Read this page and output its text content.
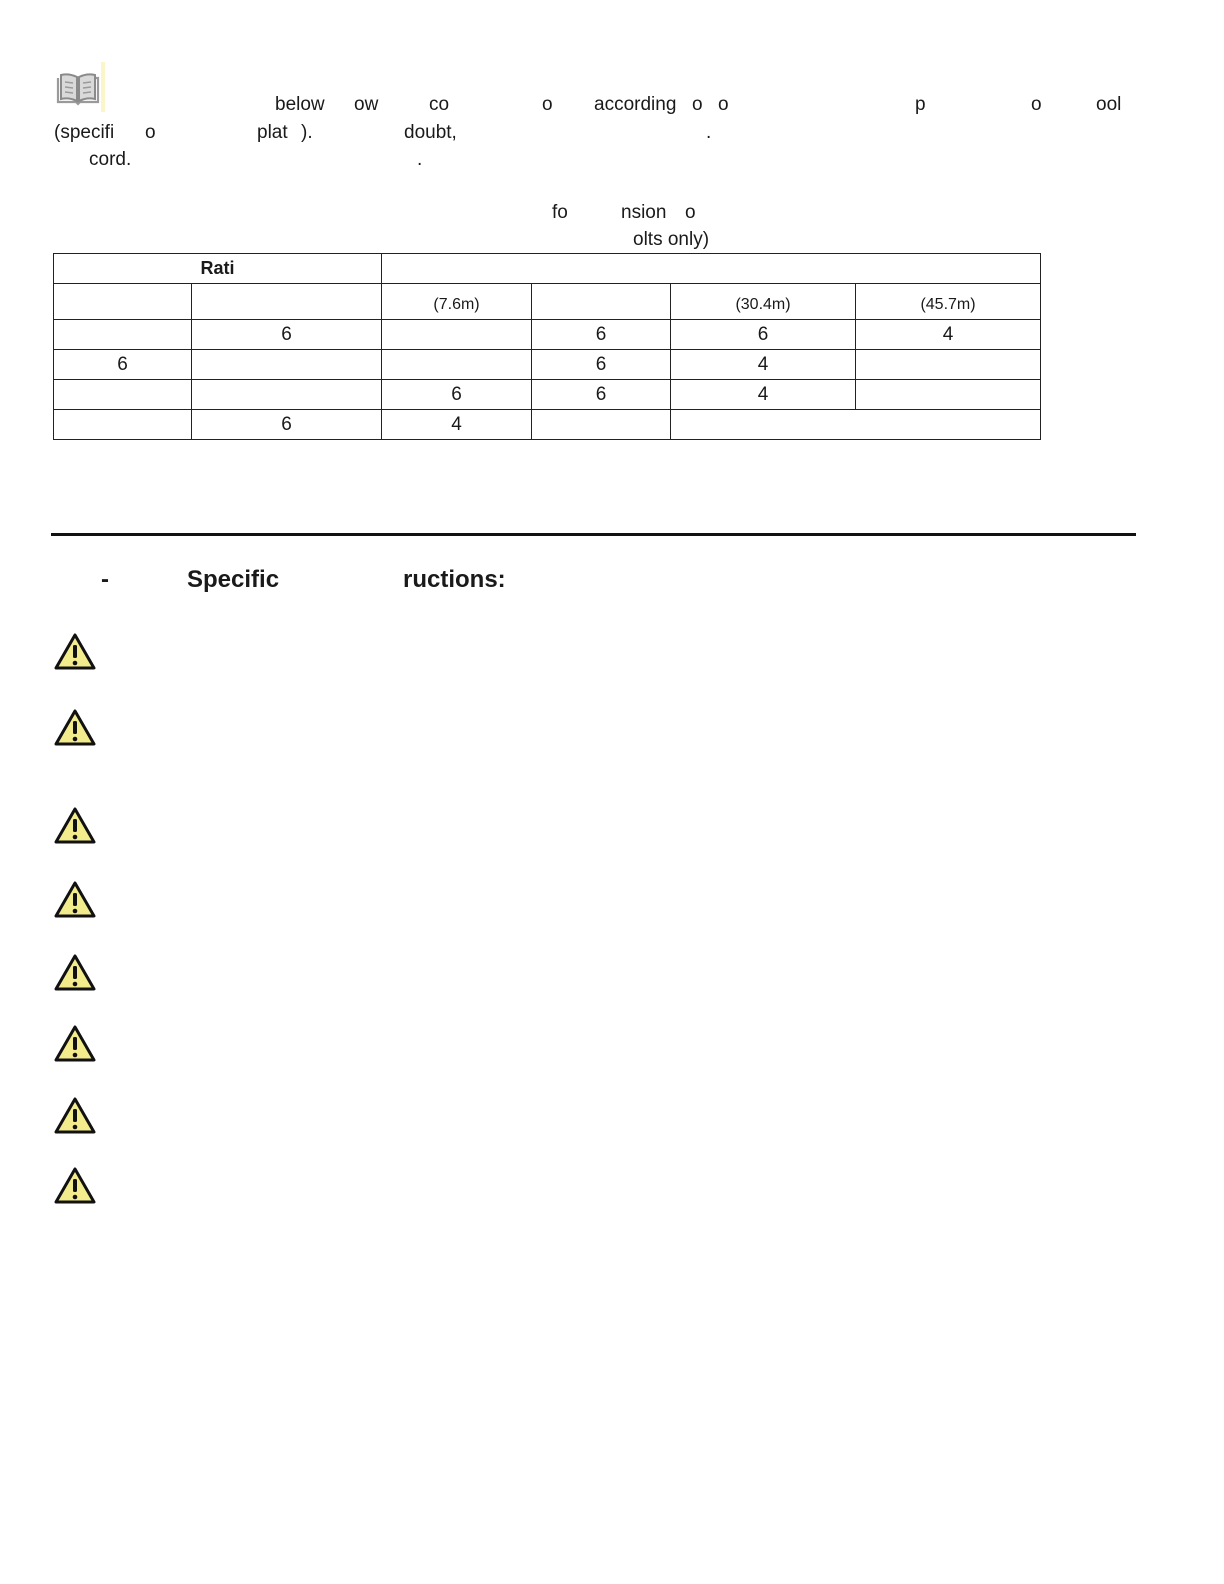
below ow	co	o according o o	p	o	ool
(specifi o	plat ).	doubt,	.
cord.	.
fo	nsion o
olts only)
Rati					
		(7.6m)		(30.4m)	(45.7m)
	6		6	6	4
6			6	4	
		6	6	4	
	6	4			
-	Specific	ructions:
